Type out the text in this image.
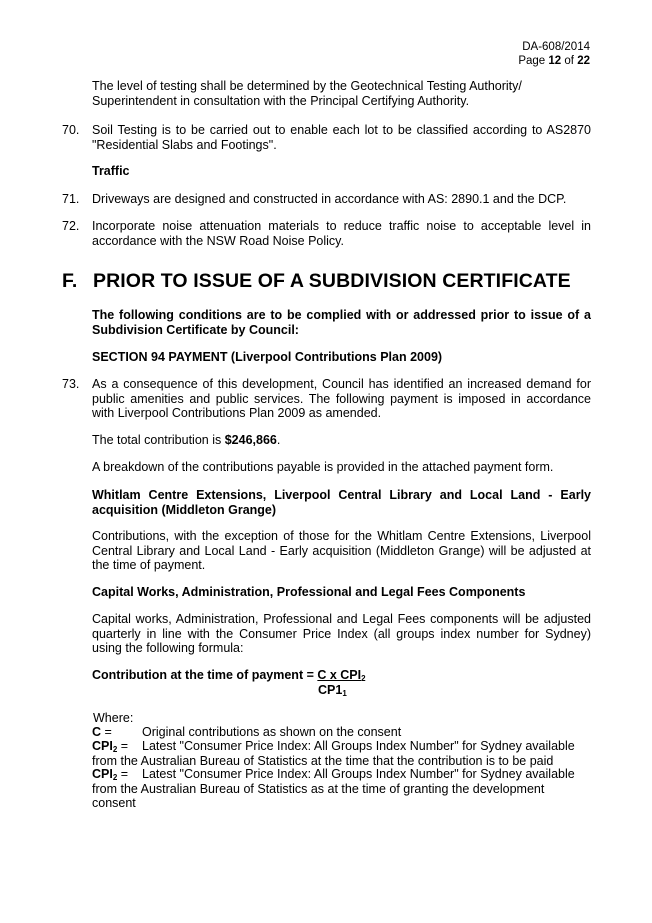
DA-608/2014
Page 12 of 22
The level of testing shall be determined by the Geotechnical Testing Authority/ Superintendent in consultation with the Principal Certifying Authority.
70. Soil Testing is to be carried out to enable each lot to be classified according to AS2870 "Residential Slabs and Footings".
Traffic
71. Driveways are designed and constructed in accordance with AS: 2890.1 and the DCP.
72. Incorporate noise attenuation materials to reduce traffic noise to acceptable level in accordance with the NSW Road Noise Policy.
F. PRIOR TO ISSUE OF A SUBDIVISION CERTIFICATE
The following conditions are to be complied with or addressed prior to issue of a Subdivision Certificate by Council:
SECTION 94 PAYMENT (Liverpool Contributions Plan 2009)
73. As a consequence of this development, Council has identified an increased demand for public amenities and public services. The following payment is imposed in accordance with Liverpool Contributions Plan 2009 as amended.
The total contribution is $246,866.
A breakdown of the contributions payable is provided in the attached payment form.
Whitlam Centre Extensions, Liverpool Central Library and Local Land - Early acquisition (Middleton Grange)
Contributions, with the exception of those for the Whitlam Centre Extensions, Liverpool Central Library and Local Land - Early acquisition (Middleton Grange) will be adjusted at the time of payment.
Capital Works, Administration, Professional and Legal Fees Components
Capital works, Administration, Professional and Legal Fees components will be adjusted quarterly in line with the Consumer Price Index (all groups index number for Sydney) using the following formula:
Contribution at the time of payment = C x $CPI_2$
$CP1_1$
Where:
C = Original contributions as shown on the consent
$CPI_2$ = Latest "Consumer Price Index: All Groups Index Number" for Sydney available from the Australian Bureau of Statistics at the time that the contribution is to be paid
$CPI_2$ = Latest "Consumer Price Index: All Groups Index Number" for Sydney available from the Australian Bureau of Statistics as at the time of granting the development consent
